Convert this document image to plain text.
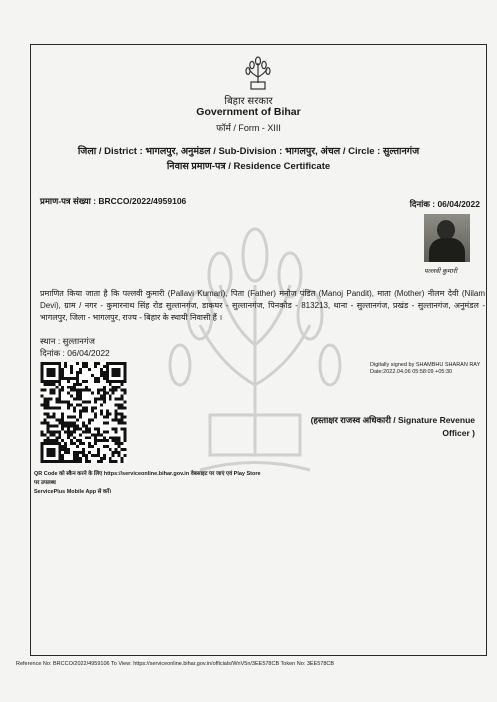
बिहार सरकार
Government of Bihar
फॉर्म / Form - XIII
जिला / District : भागलपुर, अनुमंडल / Sub-Division : भागलपुर, अंचल / Circle : सुल्तानगंज
निवास प्रमाण-पत्र / Residence Certificate
प्रमाण-पत्र संख्या : BRCCO/2022/4959106	दिनांक : 06/04/2022
पल्लवी कुमारी
प्रमाणित किया जाता है कि पल्लवी कुमारी (Pallavi Kumari), पिता (Father) मनोज पंडित (Manoj Pandit), माता (Mother) नीलम देवी (Nilam Devi), ग्राम / नगर - कुमारनाथ सिंह रोड सुल्तानगंज, डाकघर - सुल्तानगंज, पिनकोड - 813213, थाना - सुल्तानगंज, प्रखंड - सुल्तानगंज, अनुमंडल - भागलपुर, जिला - भागलपुर, राज्य - बिहार के स्थायी निवासी हैं ।
स्थान : सुल्तानगंज
दिनांक : 06/04/2022
Digitally signed by SHAMBHU SHARAN RAY
Date:2022.04.06 05:58:09 +05:30
(हस्ताक्षर राजस्व अधिकारी / Signature Revenue
Officer )
QR Code को स्कैन करने के लिए https://serviceonline.bihar.gov.in वेबसाइट पर जाएं एवं Play Store पर उपलब्ध
ServicePlus Mobile App से करें।
Reference No: BRCCO/2022/4959106 To View: https://serviceonline.bihar.gov.in/officials/WnV5n/3EE578CB Token No: 3EE578CB
